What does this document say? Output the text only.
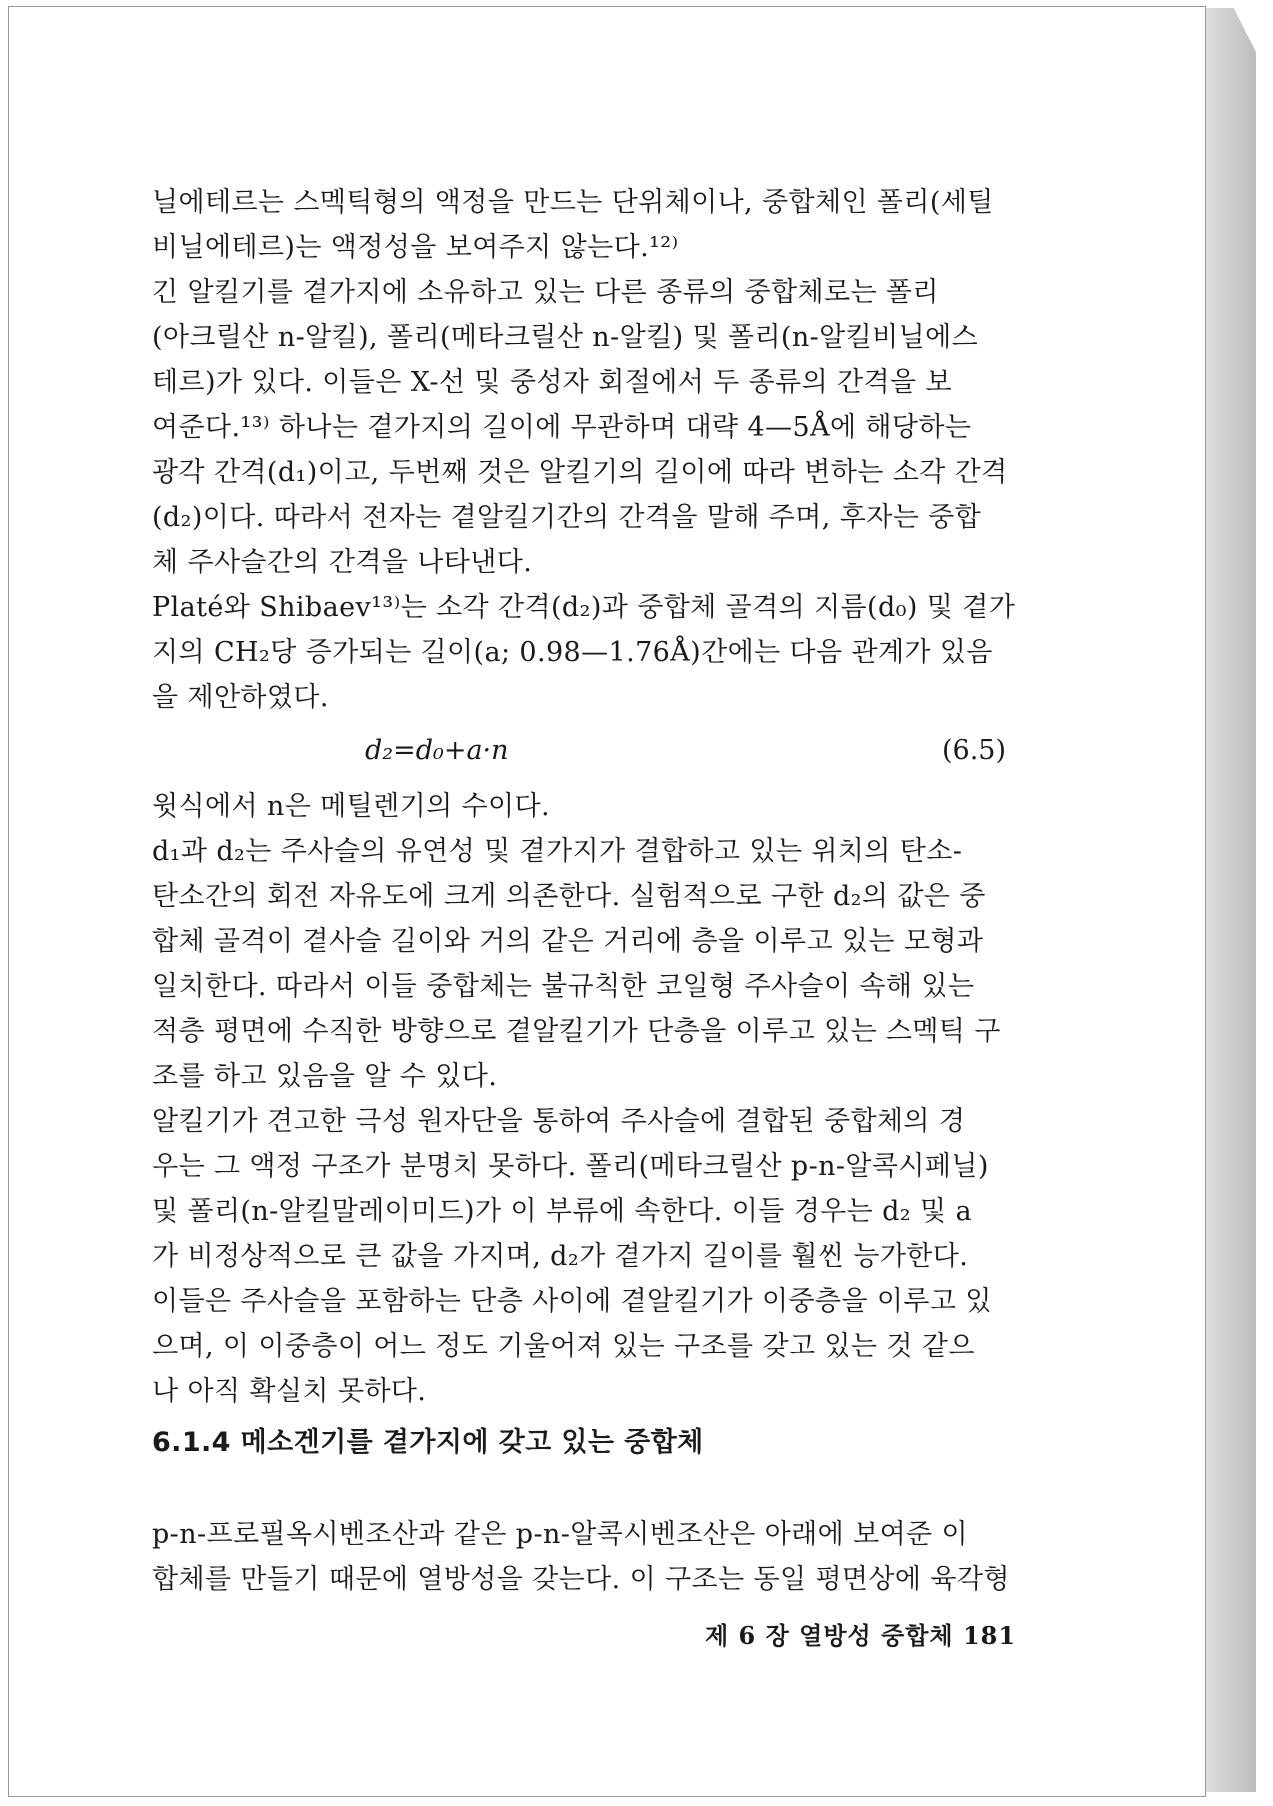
닐에테르는 스멕틱형의 액정을 만드는 단위체이나, 중합체인 폴리(세틸
비닐에테르)는 액정성을 보여주지 않는다.¹²⁾
긴 알킬기를 곁가지에 소유하고 있는 다른 종류의 중합체로는 폴리
(아크릴산 n-알킬), 폴리(메타크릴산 n-알킬) 및 폴리(n-알킬비닐에스
테르)가 있다. 이들은 X-선 및 중성자 회절에서 두 종류의 간격을 보
여준다.¹³⁾ 하나는 곁가지의 길이에 무관하며 대략 4—5Å에 해당하는
광각 간격(d₁)이고, 두번째 것은 알킬기의 길이에 따라 변하는 소각 간격
(d₂)이다. 따라서 전자는 곁알킬기간의 간격을 말해 주며, 후자는 중합
체 주사슬간의 간격을 나타낸다.
Platé와 Shibaev¹³⁾는 소각 간격(d₂)과 중합체 골격의 지름(d₀) 및 곁가
지의 CH₂당 증가되는 길이(a; 0.98—1.76Å)간에는 다음 관계가 있음
을 제안하였다.
d₂=d₀+a·n	(6.5)
윗식에서 n은 메틸렌기의 수이다.
d₁과 d₂는 주사슬의 유연성 및 곁가지가 결합하고 있는 위치의 탄소-
탄소간의 회전 자유도에 크게 의존한다. 실험적으로 구한 d₂의 값은 중
합체 골격이 곁사슬 길이와 거의 같은 거리에 층을 이루고 있는 모형과
일치한다. 따라서 이들 중합체는 불규칙한 코일형 주사슬이 속해 있는
적층 평면에 수직한 방향으로 곁알킬기가 단층을 이루고 있는 스멕틱 구
조를 하고 있음을 알 수 있다.
알킬기가 견고한 극성 원자단을 통하여 주사슬에 결합된 중합체의 경
우는 그 액정 구조가 분명치 못하다. 폴리(메타크릴산 p-n-알콕시페닐)
및 폴리(n-알킬말레이미드)가 이 부류에 속한다. 이들 경우는 d₂ 및 a
가 비정상적으로 큰 값을 가지며, d₂가 곁가지 길이를 훨씬 능가한다.
이들은 주사슬을 포함하는 단층 사이에 곁알킬기가 이중층을 이루고 있
으며, 이 이중층이 어느 정도 기울어져 있는 구조를 갖고 있는 것 같으
나 아직 확실치 못하다.
6.1.4 메소겐기를 곁가지에 갖고 있는 중합체
p-n-프로필옥시벤조산과 같은 p-n-알콕시벤조산은 아래에 보여준 이
합체를 만들기 때문에 열방성을 갖는다. 이 구조는 동일 평면상에 육각형
제 6 장 열방성 중합체 181
